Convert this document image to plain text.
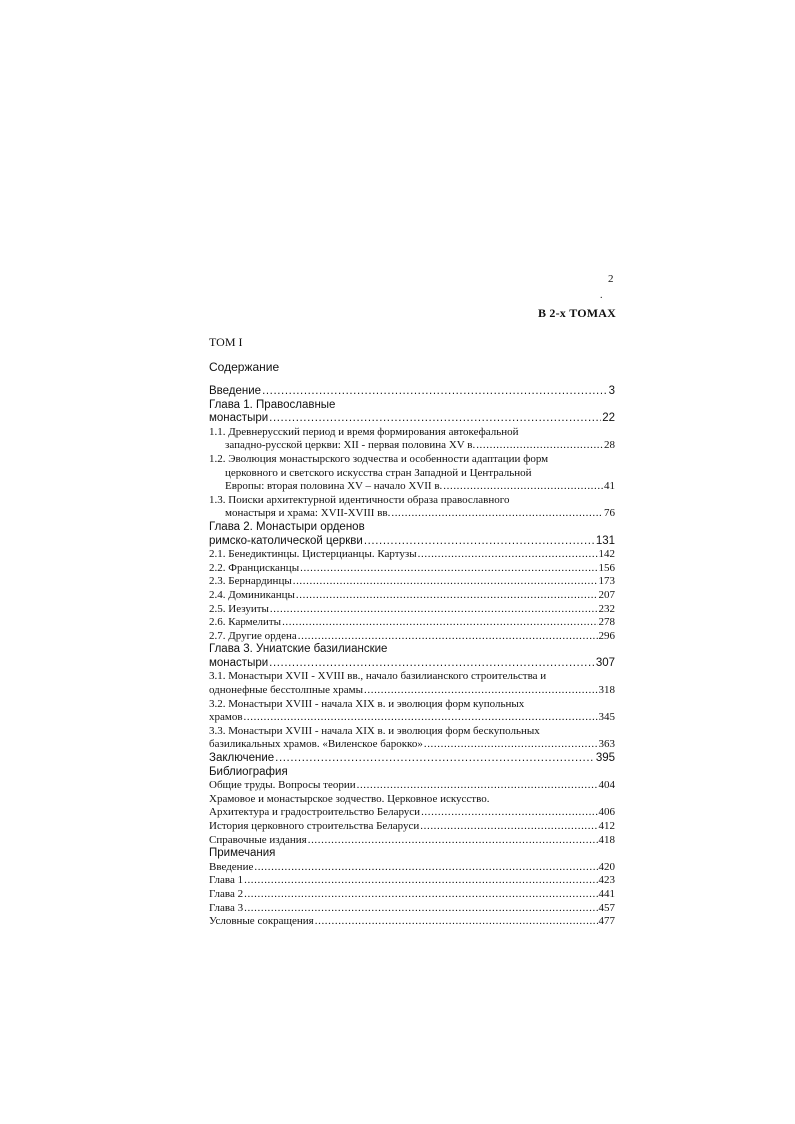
2
.
В 2-х ТОМАХ
ТОМ I
Содержание
Введение .....	3
Глава 1. Православные
монастыри .....	22
1.1. Древнерусский период и время формирования автокефальной
западно-русской церкви: XII - первая половина XV в. .....	28
1.2. Эволюция монастырского зодчества и особенности адаптации форм
церковного и светского искусства стран Западной и Центральной
Европы: вторая половина XV – начало XVII в. .....	41
1.3. Поиски архитектурной идентичности образа православного
монастыря и храма: XVII-XVIII вв. .....	76
Глава 2. Монастыри орденов
римско-католической церкви .....	131
2.1. Бенедиктинцы. Цистерцианцы. Картузы .....	142
2.2. Францисканцы .....	156
2.3. Бернардинцы .....	173
2.4. Доминиканцы .....	207
2.5. Иезуиты .....	232
2.6. Кармелиты .....	278
2.7. Другие ордена .....	296
Глава 3. Униатские базилианские
монастыри .....	307
3.1. Монастыри XVII - XVIII вв., начало базилианского строительства и
однонефные бесстолпные храмы .....	318
3.2. Монастыри XVIII - начала XIX в. и эволюция форм купольных
храмов .....	345
3.3. Монастыри XVIII - начала XIX в. и эволюция форм бескупольных
базиликальных храмов. «Виленское барокко» .....	363
Заключение .....	395
Библиография
Общие труды. Вопросы теории .....	404
Храмовое и монастырское зодчество. Церковное искусство.
Архитектура и градостроительство Беларуси .....	406
История церковного строительства Беларуси .....	412
Справочные издания .....	418
Примечания
Введение .....	420
Глава 1 .....	423
Глава 2 .....	441
Глава 3 .....	457
Условные сокращения .....	477
